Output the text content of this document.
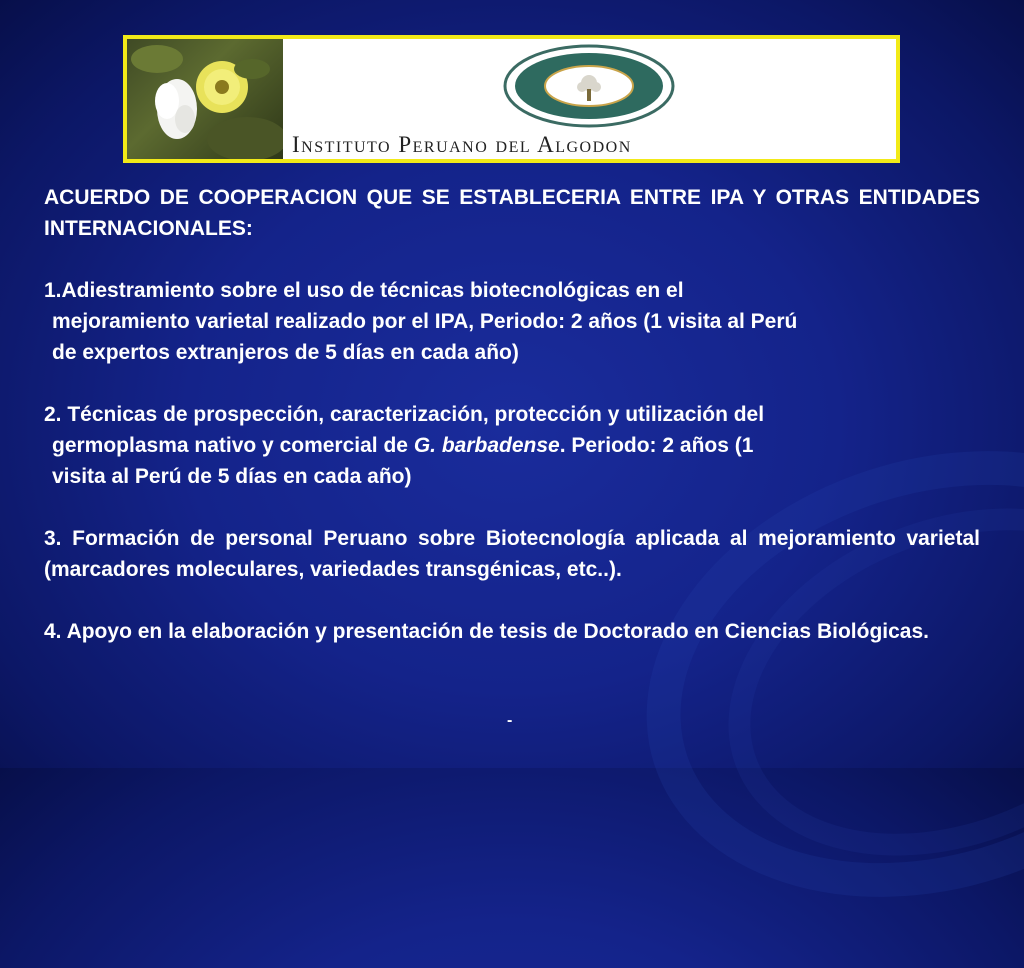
Instituto Peruano del Algodon

ACUERDO DE COOPERACION QUE SE ESTABLECERIA ENTRE IPA Y OTRAS ENTIDADES INTERNACIONALES:

1.Adiestramiento sobre el uso de técnicas biotecnológicas en el

mejoramiento varietal realizado por el IPA, Periodo: 2 años (1 visita al Perú

de expertos extranjeros de 5 días en cada año)

2. Técnicas de prospección, caracterización, protección y utilización del

germoplasma nativo y comercial de G. barbadense. Periodo: 2 años (1

visita al Perú de 5 días en cada año)

3. Formación de personal Peruano sobre Biotecnología aplicada al mejoramiento varietal (marcadores moleculares, variedades transgénicas, etc..).

4. Apoyo en la elaboración y presentación de tesis de Doctorado en Ciencias Biológicas.

-
